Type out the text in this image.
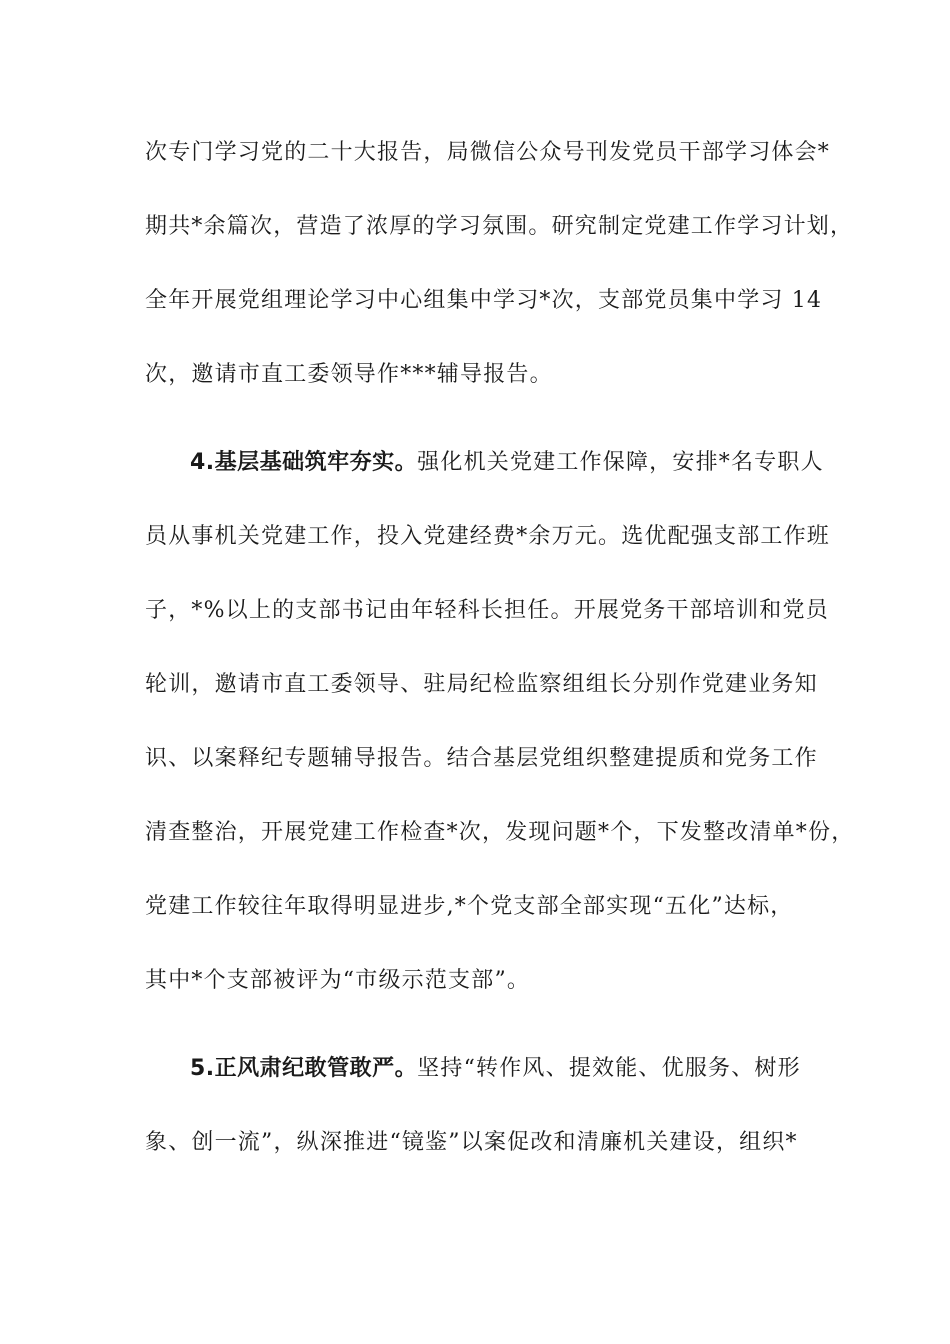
次专门学习党的二十大报告，局微信公众号刊发党员干部学习体会*
期共*余篇次，营造了浓厚的学习氛围。研究制定党建工作学习计划，
全年开展党组理论学习中心组集中学习*次，支部党员集中学习 14
次，邀请市直工委领导作***辅导报告。
4.基层基础筑牢夯实。强化机关党建工作保障，安排*名专职人
员从事机关党建工作，投入党建经费*余万元。选优配强支部工作班
子，*%以上的支部书记由年轻科长担任。开展党务干部培训和党员
轮训，邀请市直工委领导、驻局纪检监察组组长分别作党建业务知
识、以案释纪专题辅导报告。结合基层党组织整建提质和党务工作
清查整治，开展党建工作检查*次，发现问题*个，下发整改清单*份，
党建工作较往年取得明显进步,*个党支部全部实现“五化”达标，
其中*个支部被评为“市级示范支部”。
5.正风肃纪敢管敢严。坚持“转作风、提效能、优服务、树形
象、创一流”，纵深推进“镜鉴”以案促改和清廉机关建设，组织*
